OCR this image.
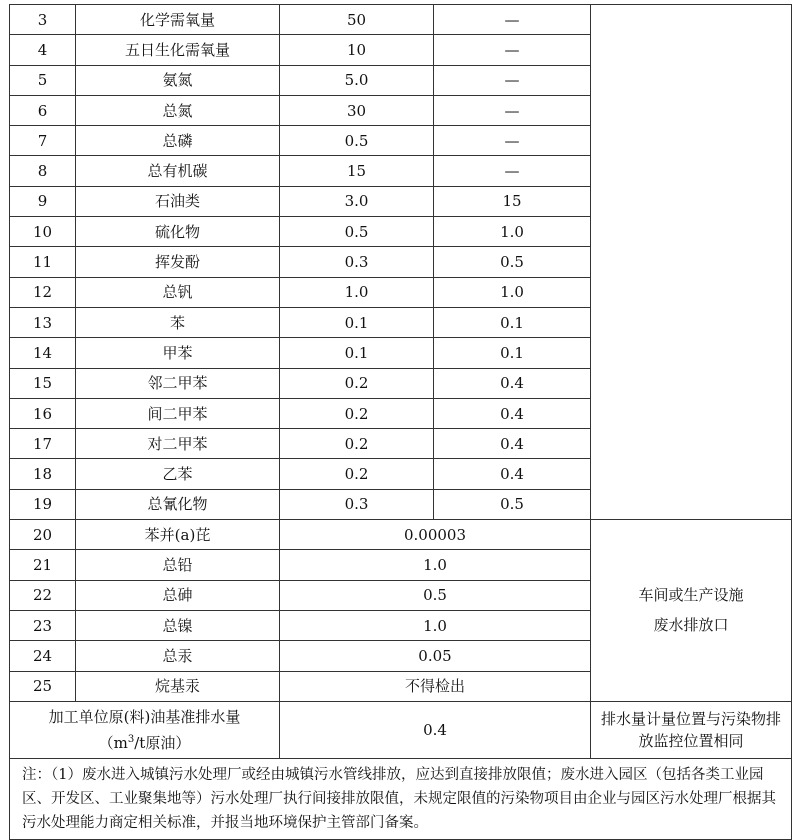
3	化学需氧量	50	—	
4	五日生化需氧量	10	—	
5	氨氮	5.0	—	
6	总氮	30	—	
7	总磷	0.5	—	
8	总有机碳	15	—	
9	石油类	3.0	15	
10	硫化物	0.5	1.0	
11	挥发酚	0.3	0.5	
12	总钒	1.0	1.0	
13	苯	0.1	0.1	
14	甲苯	0.1	0.1	
15	邻二甲苯	0.2	0.4	
16	间二甲苯	0.2	0.4	
17	对二甲苯	0.2	0.4	
18	乙苯	0.2	0.4	
19	总氰化物	0.3	0.5	
20	苯并(a)芘	0.00003		车间或生产设施
废水排放口

21	总铅	1.0		
22	总砷	0.5		
23	总镍	1.0		
24	总汞	0.05		
25	烷基汞	不得检出		

加工单位原(料)油基准排水量
（$m^3/t$原油）		0.4		排水量计量位置与污染物排放监控位置相同
注：（1）废水进入城镇污水处理厂或经由城镇污水管线排放，应达到直接排放限值；废水进入园区（包括各类工业园区、开发区、工业聚集地等）污水处理厂执行间接排放限值，未规定限值的污染物项目由企业与园区污水处理厂根据其污水处理能力商定相关标准，并报当地环境保护主管部门备案。				
